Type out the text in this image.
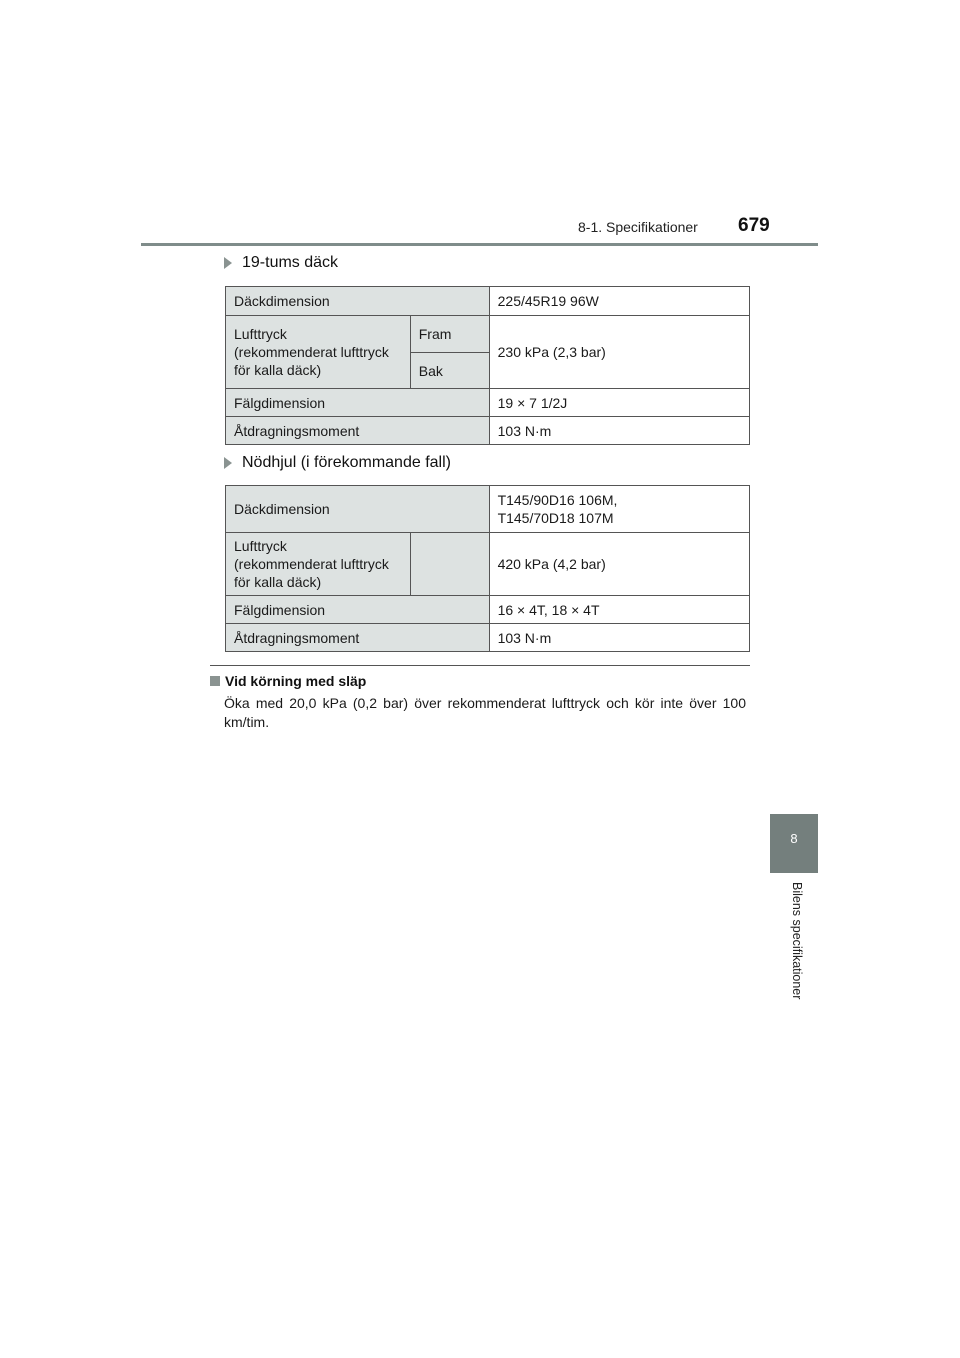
8-1. Specifikationer 679
8
Bilens specifikationer
19-tums däck
Däckdimension		225/45R19 96W

Lufttryck
(rekommenderat lufttryck
för kalla däck)	Fram	230 kPa (2,3 bar)
	Bak	
Fälgdimension		19 × 7 1/2J
Åtdragningsmoment		103 N·m
Nödhjul (i förekommande fall)
Däckdimension		T145/90D16 106M,
T145/70D18 107M

Lufttryck
(rekommenderat lufttryck
för kalla däck)		420 kPa (4,2 bar)
Fälgdimension		16 × 4T, 18 × 4T
Åtdragningsmoment		103 N·m
Vid körning med släp
Öka med 20,0 kPa (0,2 bar) över rekommenderat lufttryck och kör inte över 100 km/tim.
